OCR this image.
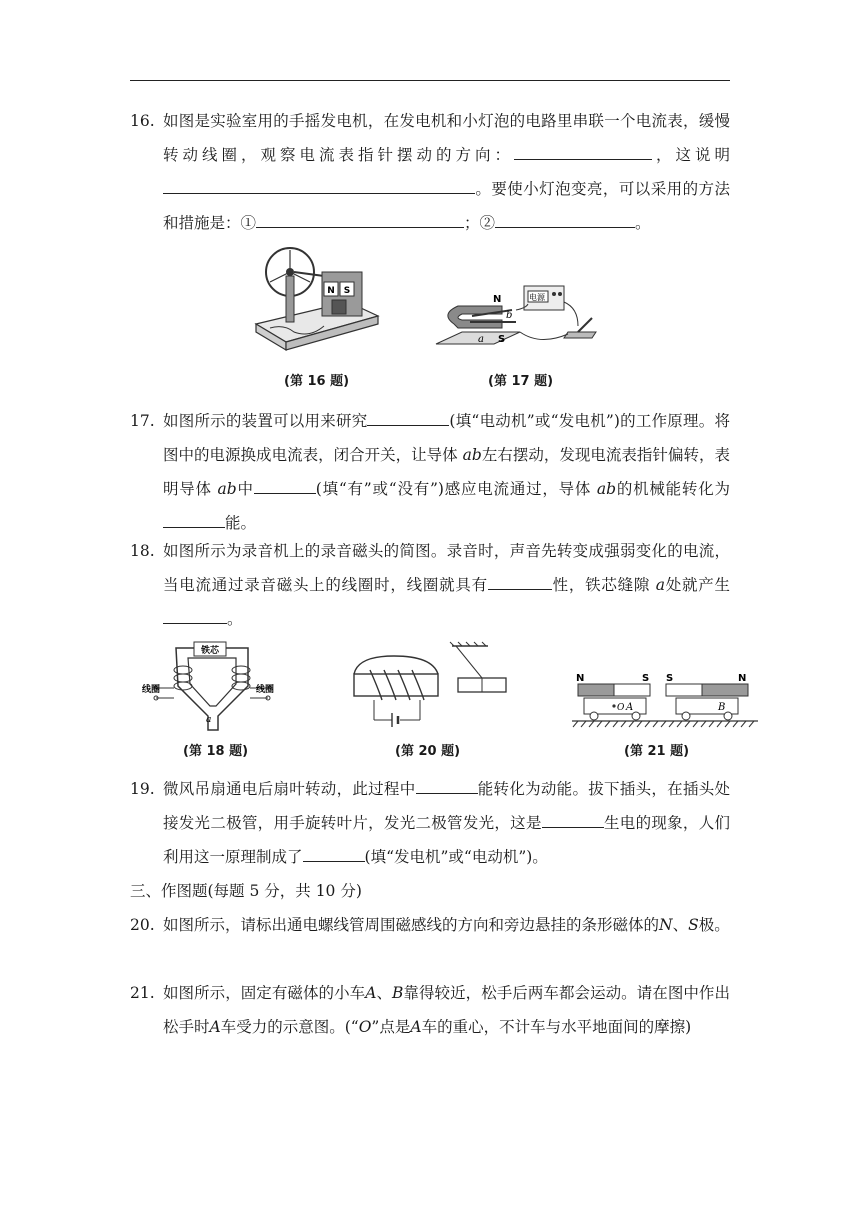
16. 如图是实验室用的手摇发电机，在发电机和小灯泡的电路里串联一个电流表，缓慢转动线圈，观察电流表指针摆动的方向：	，这说明。要使小灯泡变亮，可以采用的方法和措施是：①	；②	。
N S
(第 16 题)
N
b
a S
电源
(第 17 题)
17. 如图所示的装置可以用来研究	(填“电动机”或“发电机”)的工作原理。将图中的电源换成电流表，闭合开关，让导体 ab左右摆动，发现电流表指针偏转，表明导体 ab中	(填“有”或“没有”)感应电流通过，导体 ab的机械能转化为能。
18. 如图所示为录音机上的录音磁头的简图。录音时，声音先转变成强弱变化的电流，当电流通过录音磁头上的线圈时，线圈就具有	性，铁芯缝隙 a处就产生。
铁芯
线圈	线圈
a
(第 18 题)	(第 20 题)
N	S S	N
O A	B
(第 21 题)
19. 微风吊扇通电后扇叶转动，此过程中	能转化为动能。拔下插头，在插头处接发光二极管，用手旋转叶片，发光二极管发光，这是	生电的现象，人们利用这一原理制成了	(填“发电机”或“电动机”)。
三、作图题(每题 5 分，共 10 分)
20. 如图所示，请标出通电螺线管周围磁感线的方向和旁边悬挂的条形磁体的N、S极。
21. 如图所示，固定有磁体的小车A、B靠得较近，松手后两车都会运动。请在图中作出松手时A车受力的示意图。(“O”点是A车的重心，不计车与水平地面间的摩擦)
